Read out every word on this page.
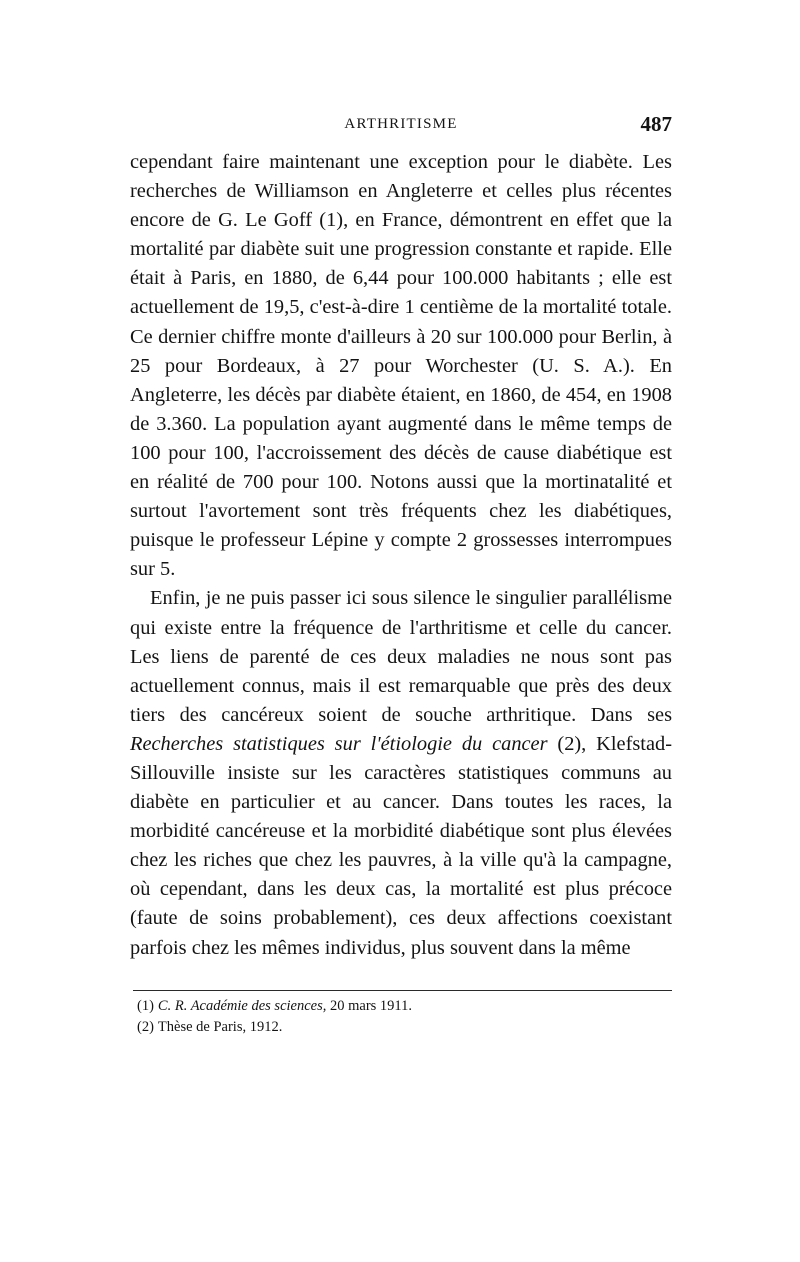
ARTHRITISME	487

cependant faire maintenant une exception pour le diabète. Les recherches de Williamson en Angleterre et celles plus récentes encore de G. Le Goff (1), en France, démontrent en effet que la mortalité par diabète suit une progression constante et rapide. Elle était à Paris, en 1880, de 6,44 pour 100.000 habitants ; elle est actuellement de 19,5, c'est-à-dire 1 centième de la mortalité totale. Ce dernier chiffre monte d'ailleurs à 20 sur 100.000 pour Berlin, à 25 pour Bordeaux, à 27 pour Worchester (U. S. A.). En Angleterre, les décès par diabète étaient, en 1860, de 454, en 1908 de 3.360. La population ayant augmenté dans le même temps de 100 pour 100, l'accroissement des décès de cause diabétique est en réalité de 700 pour 100. Notons aussi que la mortinatalité et surtout l'avortement sont très fréquents chez les diabétiques, puisque le professeur Lépine y compte 2 grossesses interrompues sur 5.

Enfin, je ne puis passer ici sous silence le singulier parallélisme qui existe entre la fréquence de l'arthritisme et celle du cancer. Les liens de parenté de ces deux maladies ne nous sont pas actuellement connus, mais il est remarquable que près des deux tiers des cancéreux soient de souche arthritique. Dans ses Recherches statistiques sur l'étiologie du cancer (2), Klefstad-Sillouville insiste sur les caractères statistiques communs au diabète en particulier et au cancer. Dans toutes les races, la morbidité cancéreuse et la morbidité diabétique sont plus élevées chez les riches que chez les pauvres, à la ville qu'à la campagne, où cependant, dans les deux cas, la mortalité est plus précoce (faute de soins probablement), ces deux affections coexistant parfois chez les mêmes individus, plus souvent dans la même

(1) C. R. Académie des sciences, 20 mars 1911.
(2) Thèse de Paris, 1912.
